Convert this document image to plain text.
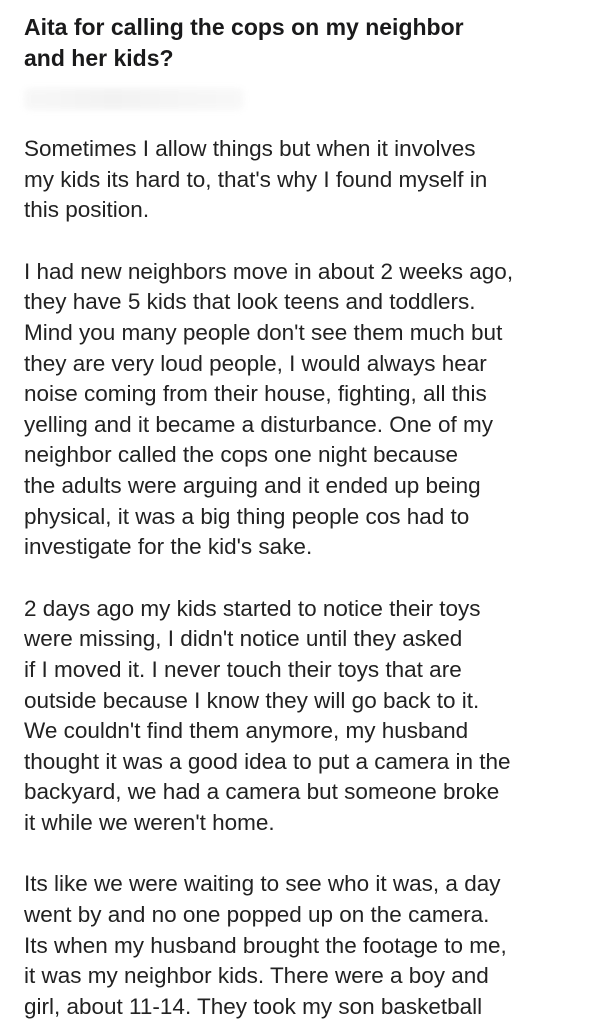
Aita for calling the cops on my neighbor
and her kids?

Sometimes I allow things but when it involves
my kids its hard to, that's why I found myself in
this position.

I had new neighbors move in about 2 weeks ago,
they have 5 kids that look teens and toddlers.
Mind you many people don't see them much but
they are very loud people, I would always hear
noise coming from their house, fighting, all this
yelling and it became a disturbance. One of my
neighbor called the cops one night because
the adults were arguing and it ended up being
physical, it was a big thing people cos had to
investigate for the kid's sake.

2 days ago my kids started to notice their toys
were missing, I didn't notice until they asked
if I moved it. I never touch their toys that are
outside because I know they will go back to it.
We couldn't find them anymore, my husband
thought it was a good idea to put a camera in the
backyard, we had a camera but someone broke
it while we weren't home.

Its like we were waiting to see who it was, a day
went by and no one popped up on the camera.
Its when my husband brought the footage to me,
it was my neighbor kids. There were a boy and
girl, about 11-14. They took my son basketball
